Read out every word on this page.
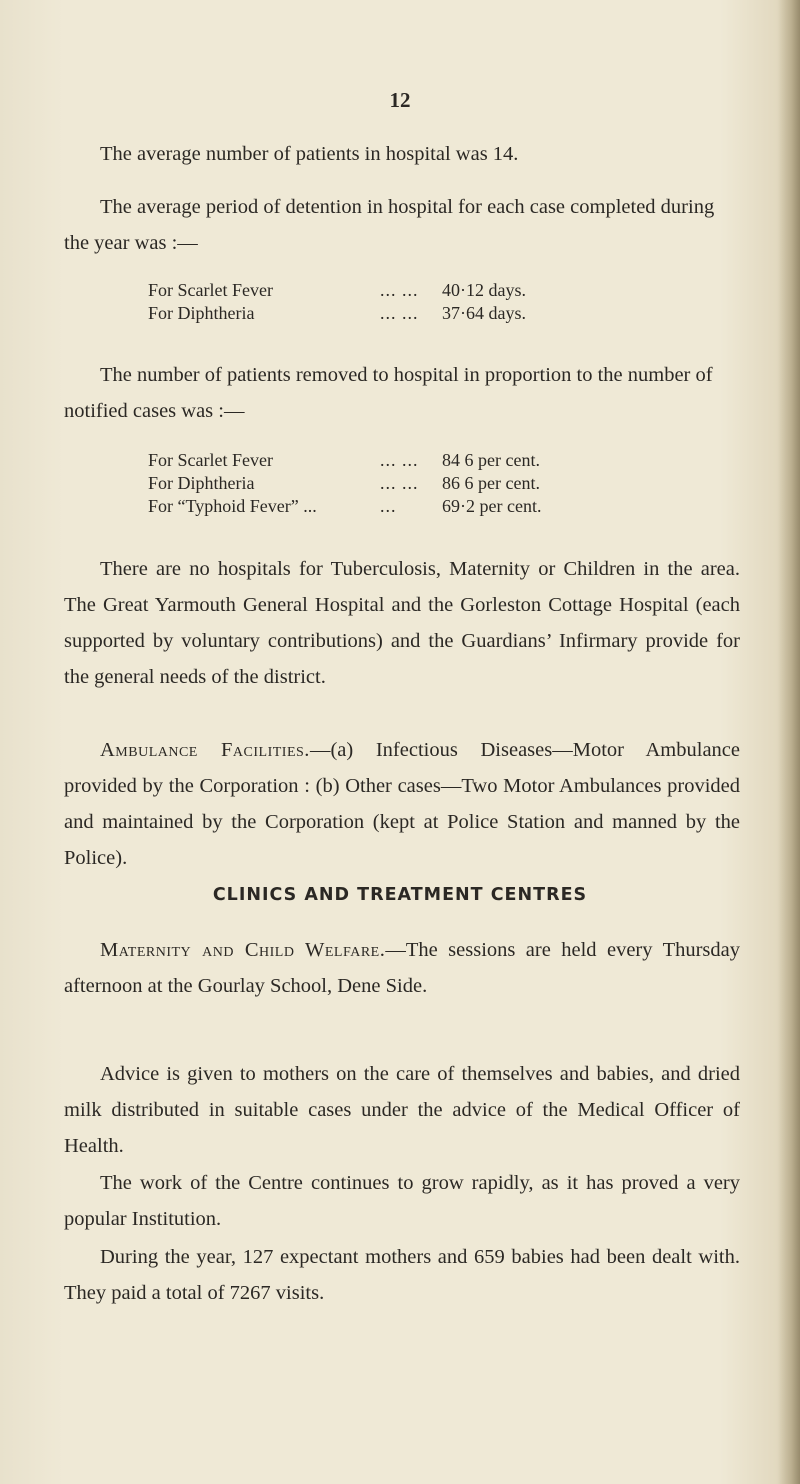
12

The average number of patients in hospital was 14.

The average period of detention in hospital for each case completed during the year was :—

For Scarlet Fever	... ...	40·12 days.
For Diphtheria	... ...	37·64 days.

The number of patients removed to hospital in proportion to the number of notified cases was :—

For Scarlet Fever	... ...	84 6 per cent.
For Diphtheria	... ...	86 6 per cent.
For “Typhoid Fever” ...	...	69·2 per cent.

There are no hospitals for Tuberculosis, Maternity or Children in the area. The Great Yarmouth General Hospital and the Gorleston Cottage Hospital (each supported by voluntary contributions) and the Guardians’ Infirmary provide for the general needs of the district.

Ambulance Facilities.—(a) Infectious Diseases—Motor Ambulance provided by the Corporation : (b) Other cases—Two Motor Ambulances provided and maintained by the Corporation (kept at Police Station and manned by the Police).

CLINICS AND TREATMENT CENTRES

Maternity and Child Welfare.—The sessions are held every Thursday afternoon at the Gourlay School, Dene Side.

Advice is given to mothers on the care of themselves and babies, and dried milk distributed in suitable cases under the advice of the Medical Officer of Health.

The work of the Centre continues to grow rapidly, as it has proved a very popular Institution.

During the year, 127 expectant mothers and 659 babies had been dealt with. They paid a total of 7267 visits.
